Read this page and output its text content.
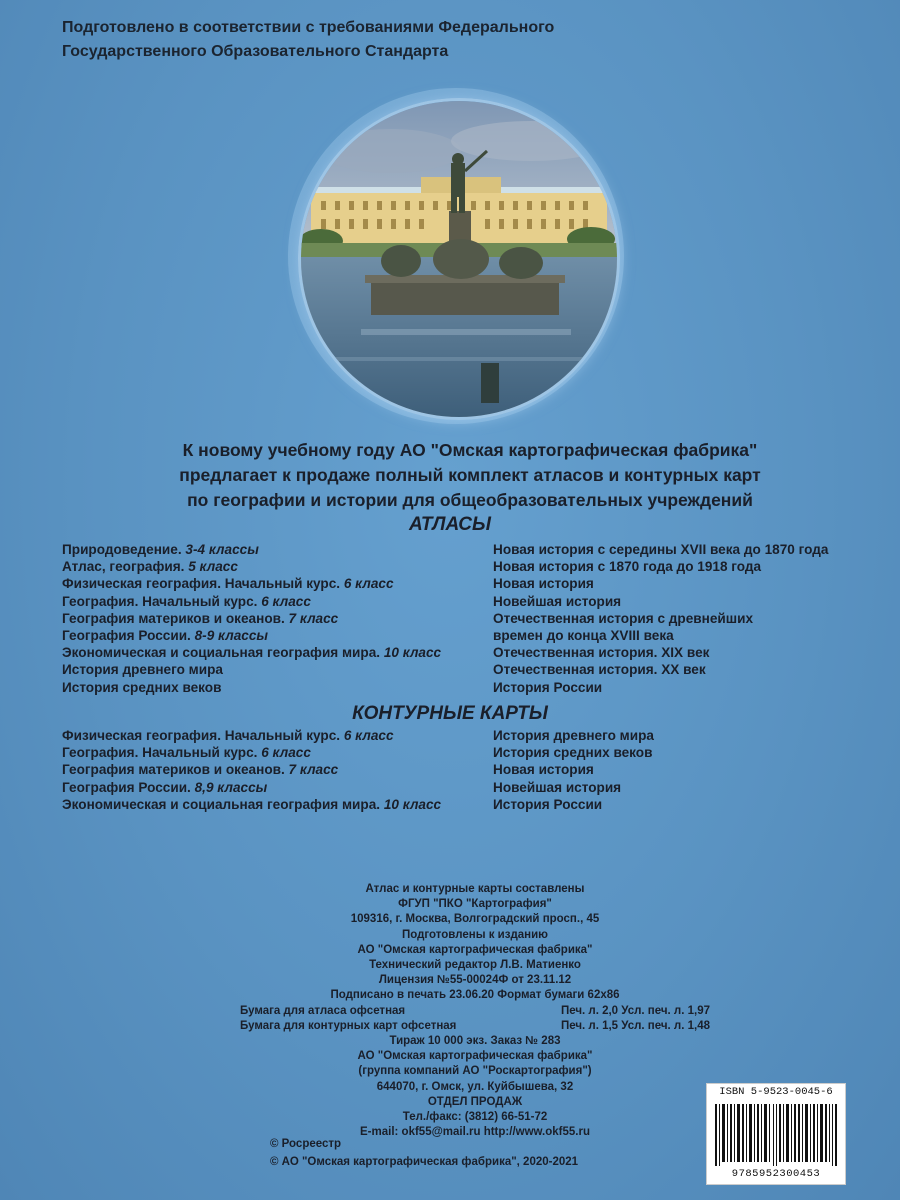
Подготовлено в соответствии с требованиями Федерального
Государственного Образовательного Стандарта
К новому учебному году АО "Омская картографическая фабрика"
предлагает к продаже полный комплект атласов и контурных карт
по географии и истории для общеобразовательных учреждений
АТЛАСЫ
Природоведение. 3-4 классы
Атлас, география. 5 класс
Физическая география. Начальный курс. 6 класс
География. Начальный курс. 6 класс
География материков и океанов. 7 класс
География России. 8-9 классы
Экономическая и социальная география мира. 10 класс
История древнего мира
История средних веков
Новая история с середины XVII века до 1870 года
Новая история с 1870 года до 1918 года
Новая история
Новейшая история
Отечественная история с древнейших
времен до конца XVIII века
Отечественная история. XIX век
Отечественная история. XX век
История России
КОНТУРНЫЕ КАРТЫ
Физическая география. Начальный курс. 6 класс
География. Начальный курс. 6 класс
География материков и океанов. 7 класс
География России. 8,9 классы
Экономическая и социальная география мира. 10 класс
История древнего мира
История средних веков
Новая история
Новейшая история
История России
Атлас и контурные карты составлены
ФГУП "ПКО "Картография"
109316, г. Москва, Волгоградский просп., 45
Подготовлены к изданию
АО "Омская картографическая фабрика"
Технический редактор Л.В. Матиенко
Лицензия №55-00024Ф от 23.11.12
Подписано в печать 23.06.20 Формат бумаги 62х86
Бумага для атласа офсетная	Печ. л. 2,0 Усл. печ. л. 1,97
Бумага для контурных карт офсетная	Печ. л. 1,5 Усл. печ. л. 1,48
Тираж 10 000 экз. Заказ № 283
АО "Омская картографическая фабрика"
(группа компаний АО "Роскартография")
644070, г. Омск, ул. Куйбышева, 32
ОТДЕЛ ПРОДАЖ
Тел./факс: (3812) 66-51-72
E-mail: okf55@mail.ru http://www.okf55.ru
© Росреестр
© АО "Омская картографическая фабрика", 2020-2021
ISBN 5-9523-0045-6
9785952300453
